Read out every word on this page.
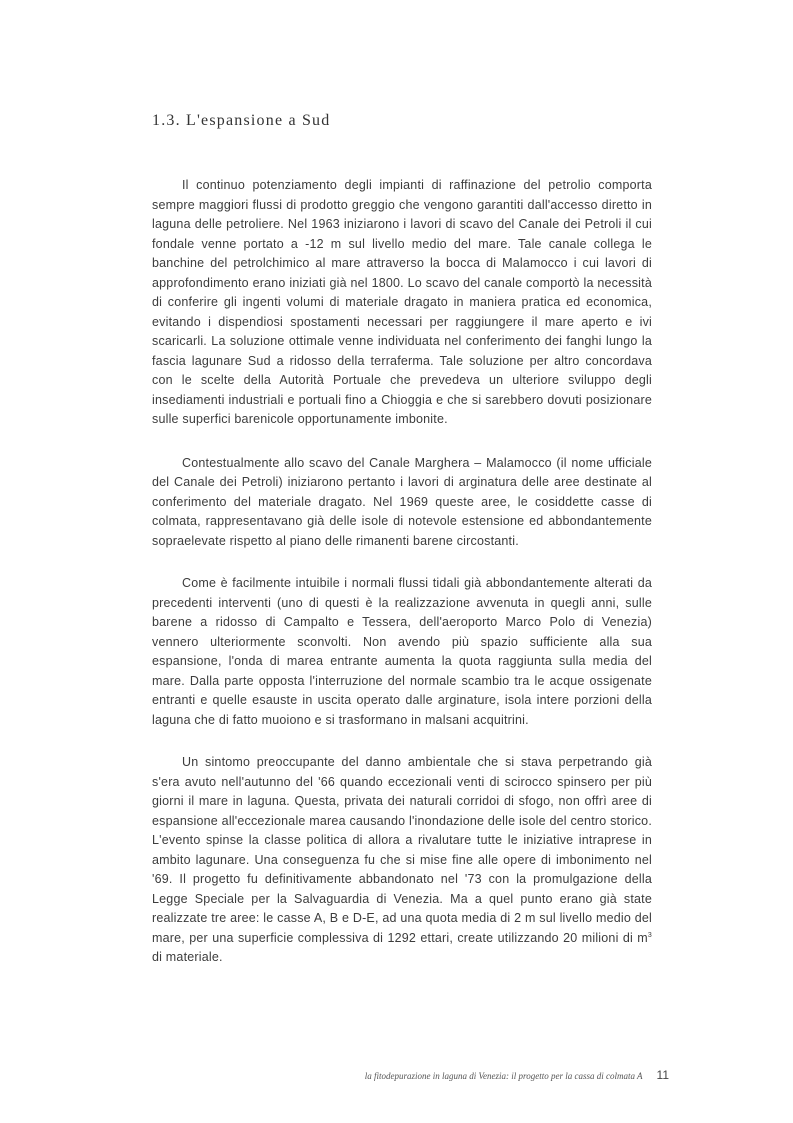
1.3. L'espansione a Sud

Il continuo potenziamento degli impianti di raffinazione del petrolio comporta sempre maggiori flussi di prodotto greggio che vengono garantiti dall'accesso diretto in laguna delle petroliere. Nel 1963 iniziarono i lavori di scavo del Canale dei Petroli il cui fondale venne portato a -12 m sul livello medio del mare. Tale canale collega le banchine del petrolchimico al mare attraverso la bocca di Malamocco i cui lavori di approfondimento erano iniziati già nel 1800. Lo scavo del canale comportò la necessità di conferire gli ingenti volumi di materiale dragato in maniera pratica ed economica, evitando i dispendiosi spostamenti necessari per raggiungere il mare aperto e ivi scaricarli. La soluzione ottimale venne individuata nel conferimento dei fanghi lungo la fascia lagunare Sud a ridosso della terraferma. Tale soluzione per altro concordava con le scelte della Autorità Portuale che prevedeva un ulteriore sviluppo degli insediamenti industriali e portuali fino a Chioggia e che si sarebbero dovuti posizionare sulle superfici barenicole opportunamente imbonite.

Contestualmente allo scavo del Canale Marghera – Malamocco (il nome ufficiale del Canale dei Petroli) iniziarono pertanto i lavori di arginatura delle aree destinate al conferimento del materiale dragato. Nel 1969 queste aree, le cosiddette casse di colmata, rappresentavano già delle isole di notevole estensione ed abbondantemente sopraelevate rispetto al piano delle rimanenti barene circostanti.

Come è facilmente intuibile i normali flussi tidali già abbondantemente alterati da precedenti interventi (uno di questi è la realizzazione avvenuta in quegli anni, sulle barene a ridosso di Campalto e Tessera, dell'aeroporto Marco Polo di Venezia) vennero ulteriormente sconvolti. Non avendo più spazio sufficiente alla sua espansione, l'onda di marea entrante aumenta la quota raggiunta sulla media del mare. Dalla parte opposta l'interruzione del normale scambio tra le acque ossigenate entranti e quelle esauste in uscita operato dalle arginature, isola intere porzioni della laguna che di fatto muoiono e si trasformano in malsani acquitrini.

Un sintomo preoccupante del danno ambientale che si stava perpetrando già s'era avuto nell'autunno del '66 quando eccezionali venti di scirocco spinsero per più giorni il mare in laguna. Questa, privata dei naturali corridoi di sfogo, non offrì aree di espansione all'eccezionale marea causando l'inondazione delle isole del centro storico. L'evento spinse la classe politica di allora a rivalutare tutte le iniziative intraprese in ambito lagunare. Una conseguenza fu che si mise fine alle opere di imbonimento nel '69. Il progetto fu definitivamente abbandonato nel '73 con la promulgazione della Legge Speciale per la Salvaguardia di Venezia. Ma a quel punto erano già state realizzate tre aree: le casse A, B e D-E, ad una quota media di 2 m sul livello medio del mare, per una superficie complessiva di 1292 ettari, create utilizzando 20 milioni di $m^3$ di materiale.

la fitodepurazione in laguna di Venezia: il progetto per la cassa di colmata A 11
